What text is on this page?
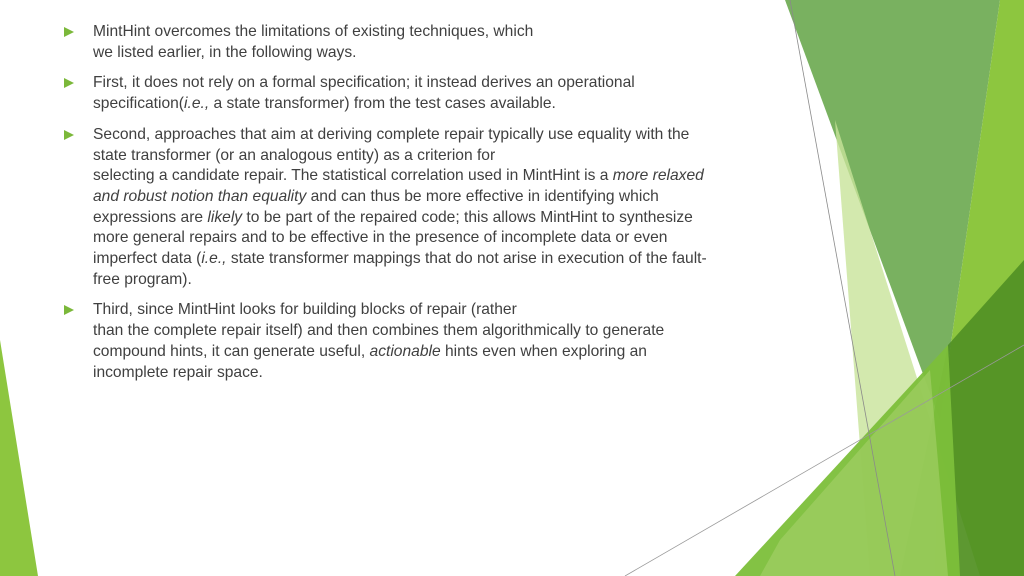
MintHint overcomes the limitations of existing techniques, which
we listed earlier, in the following ways.
First, it does not rely on a formal specification; it instead derives an operational
specification(i.e., a state transformer) from the test cases available.
Second, approaches that aim at deriving complete repair typically use equality with the
state transformer (or an analogous entity) as a criterion for
selecting a candidate repair. The statistical correlation used in MintHint is a more relaxed
and robust notion than equality and can thus be more effective in identifying which
expressions are likely to be part of the repaired code; this allows MintHint to synthesize
more general repairs and to be effective in the presence of incomplete data or even
imperfect data (i.e., state transformer mappings that do not arise in execution of the fault-
free program).
Third, since MintHint looks for building blocks of repair (rather
than the complete repair itself) and then combines them algorithmically to generate
compound hints, it can generate useful, actionable hints even when exploring an
incomplete repair space.
